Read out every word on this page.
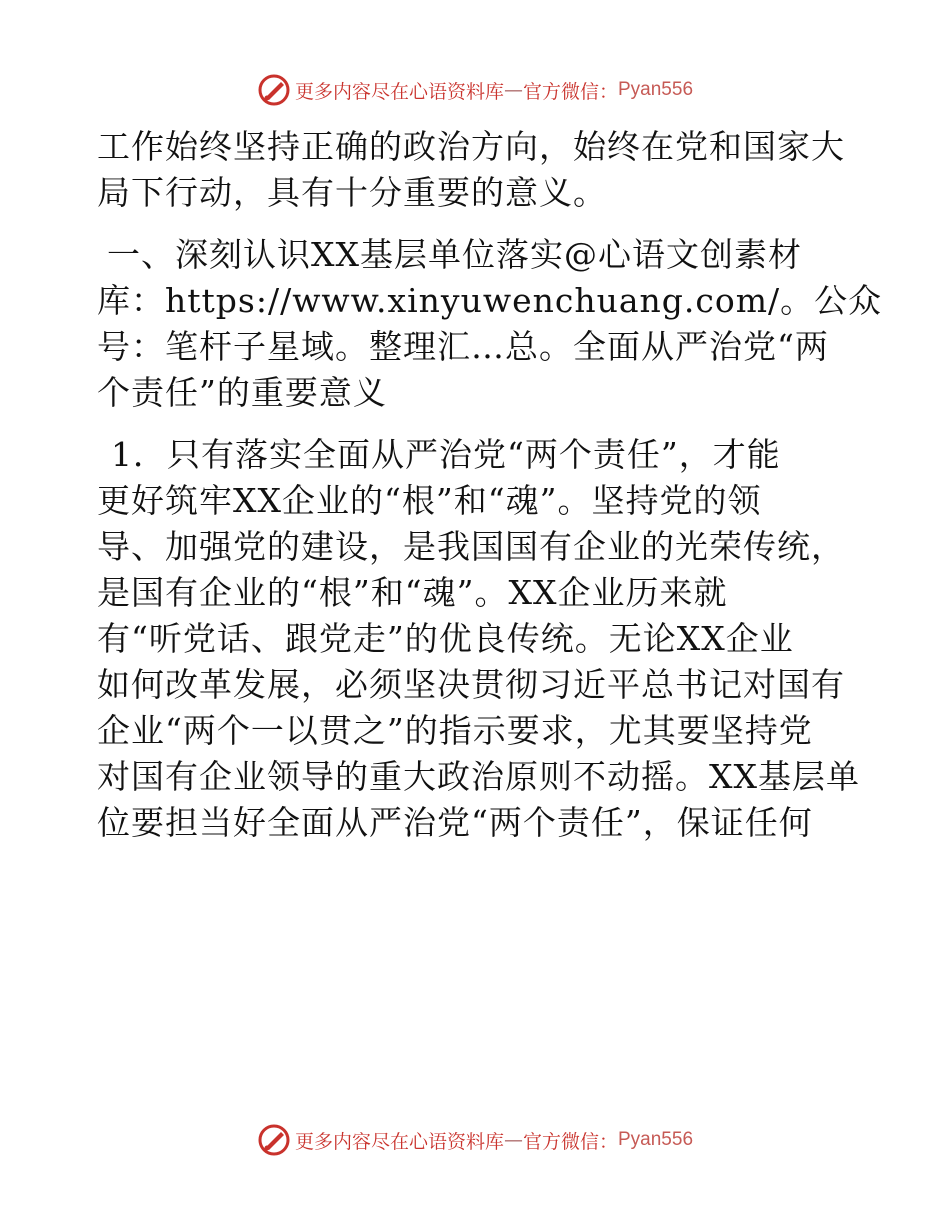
更多内容尽在心语资料库 — 官方微信： Pyan556
工作始终坚持正确的政治方向，始终在党和国家大
局下行动，具有十分重要的意义。
一、深刻认识XX基层单位落实@心语文创素材
库：https://www.xinyuwenchuang.com/。公众
号：笔杆子星域。整理汇…总。全面从严治党“两
个责任”的重要意义
1．只有落实全面从严治党“两个责任”，才能
更好筑牢XX企业的“根”和“魂”。坚持党的领
导、加强党的建设，是我国国有企业的光荣传统，
是国有企业的“根”和“魂”。XX企业历来就
有“听党话、跟党走”的优良传统。无论XX企业
如何改革发展，必须坚决贯彻习近平总书记对国有
企业“两个一以贯之”的指示要求，尤其要坚持党
对国有企业领导的重大政治原则不动摇。XX基层单
位要担当好全面从严治党“两个责任”，保证任何
更多内容尽在心语资料库 — 官方微信： Pyan556
